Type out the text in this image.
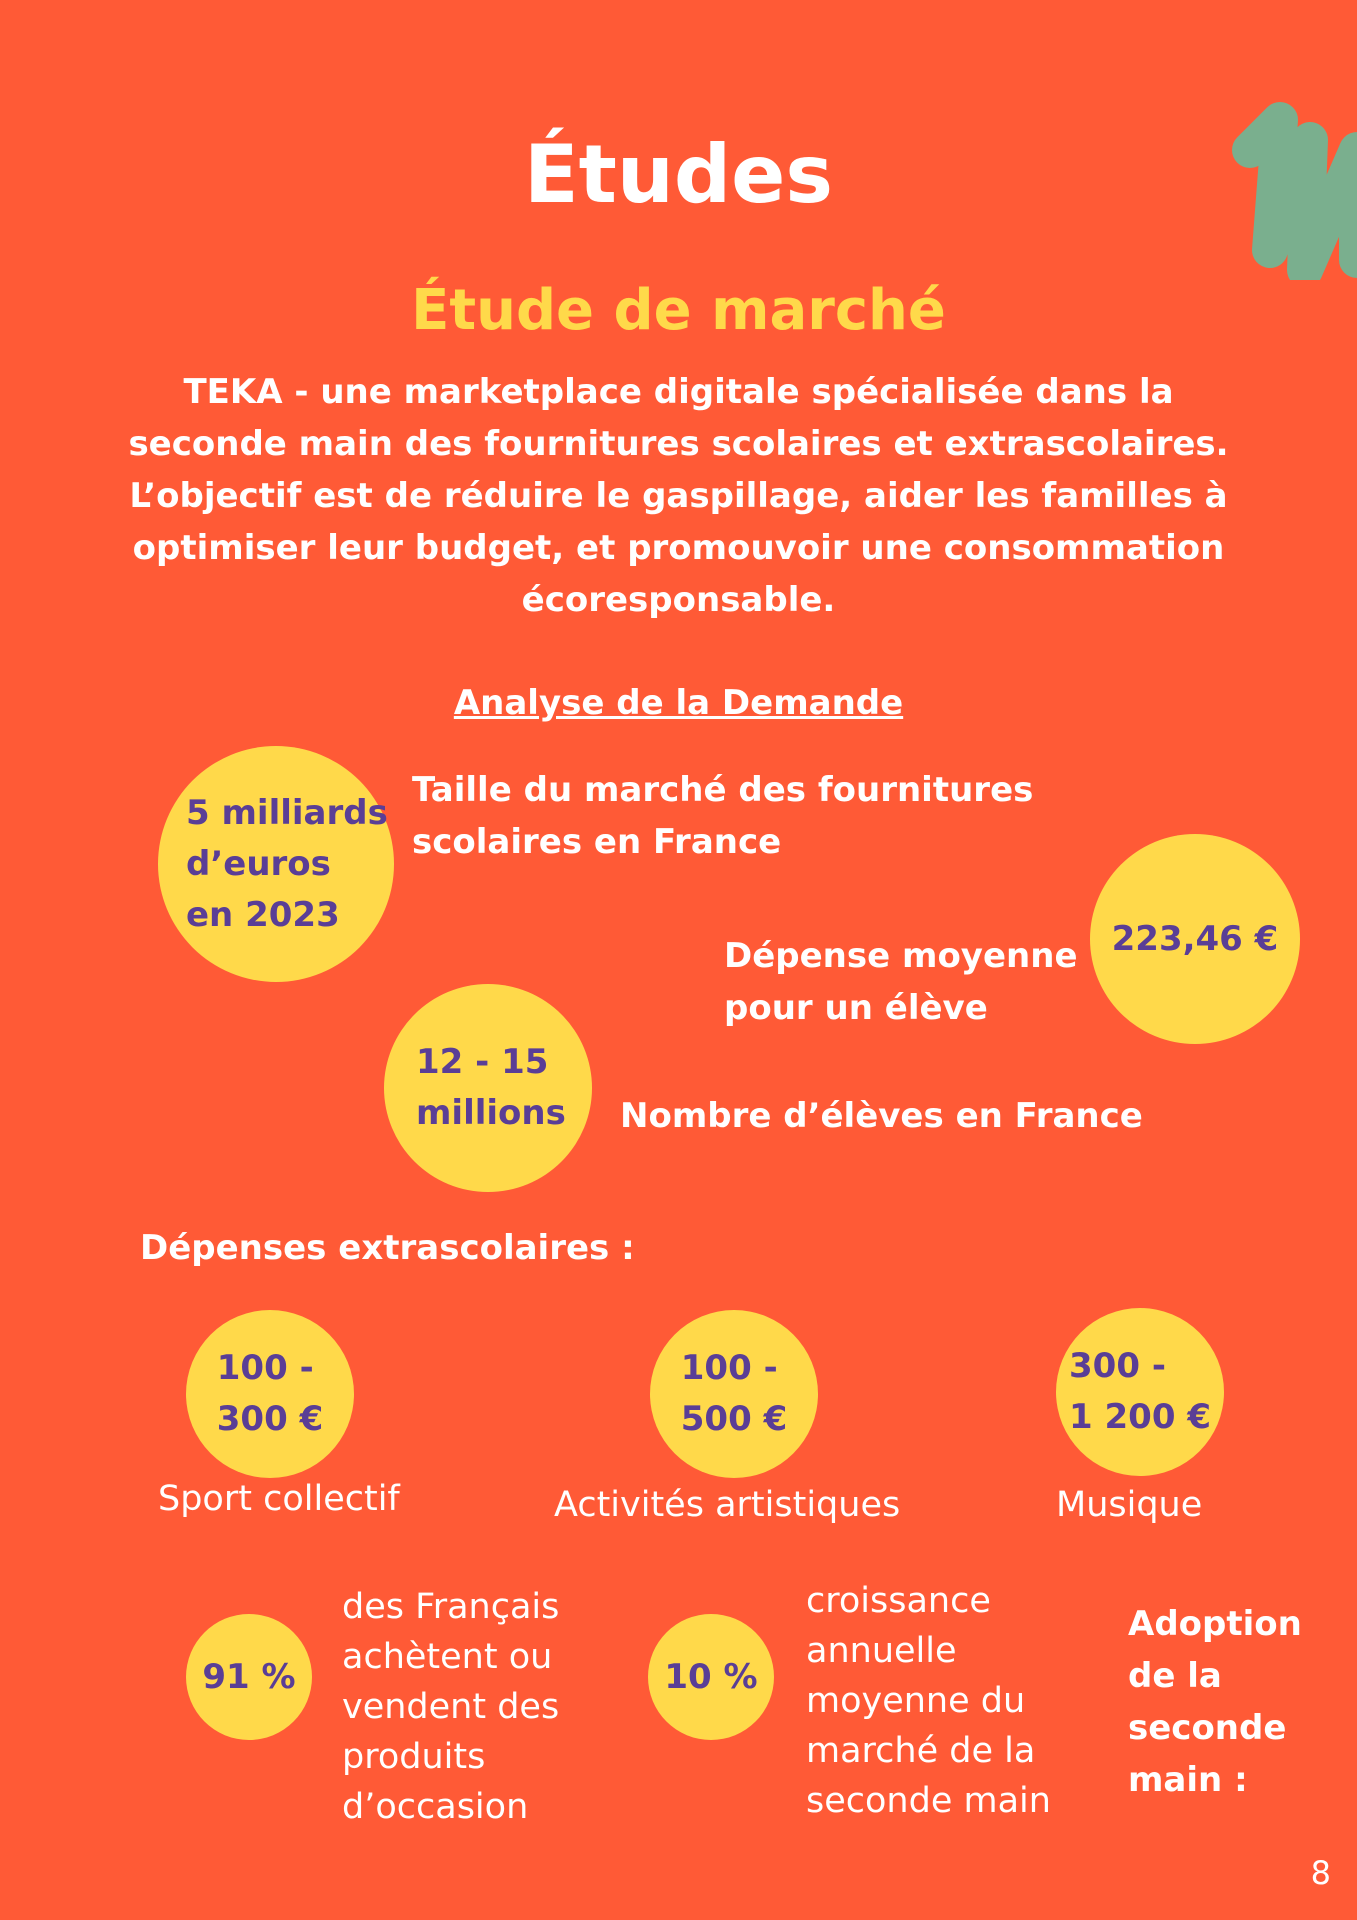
Études
Étude de marché
TEKA - une marketplace digitale spécialisée dans la seconde main des fournitures scolaires et extrascolaires. L’objectif est de réduire le gaspillage, aider les familles à optimiser leur budget, et promouvoir une consommation écoresponsable.
Analyse de la Demande
5 milliards
d’euros
en 2023
Taille du marché des fournitures
scolaires en France
223,46 €
Dépense moyenne
pour un élève
12 - 15
millions Nombre d’élèves en France
Dépenses extrascolaires :
100 -
300 €
Sport collectif
100 -
500 €
Activités artistiques
300 -
1 200 €
Musique
91 %
des Français
achètent ou
vendent des
produits
d’occasion
10 %
croissance
annuelle
moyenne du
marché de la
seconde main
Adoption
de la
seconde
main :
8
